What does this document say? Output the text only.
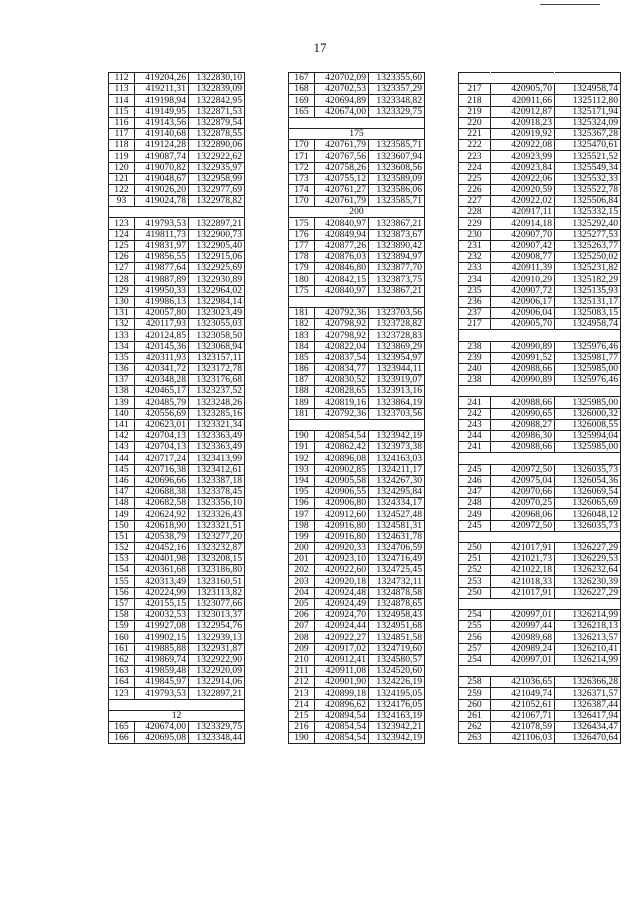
17
112	419204,26	1322830,10
113	419211,31	1322839,09
114	419198,94	1322842,95
115	419149,95	1322871,53
116	419143,56	1322879,54
117	419140,68	1322878,55
118	419124,28	1322890,06
119	419087,74	1322922,62
120	419070,82	1322935,97
121	419048,67	1322958,99
122	419026,20	1322977,69
93	419024,78	1322978,82

123	419793,53	1322897,21
124	419811,73	1322900,73
125	419831,97	1322905,40
126	419856,55	1322915,06
127	419877,64	1322925,69
128	419887,89	1322930,89
129	419950,33	1322964,02
130	419986,13	1322984,14
131	420057,80	1323023,49
132	420117,93	1323055,03
133	420124,85	1323058,50
134	420145,36	1323068,94
135	420311,93	1323157,11
136	420341,72	1323172,78
137	420348,28	1323176,68
138	420465,17	1323237,52
139	420485,79	1323248,26
140	420556,69	1323285,16
141	420623,01	1323321,34
142	420704,13	1323363,49
143	420704,13	1323363,49
144	420717,24	1323413,99
145	420716,38	1323412,61
146	420696,66	1323387,18
147	420688,38	1323378,45
148	420682,58	1323356,10
149	420624,92	1323326,43
150	420618,90	1323321,51
151	420538,79	1323277,20
152	420452,16	1323232,87
153	420401,98	1323208,15
154	420361,68	1323186,80
155	420313,49	1323160,51
156	420224,99	1323113,82
157	420155,15	1323077,66
158	420032,53	1323013,37
159	419927,08	1322954,76
160	419902,15	1322939,13
161	419885,88	1322931,87
162	419869,74	1322922,90
163	419859,48	1322920,09
164	419845,97	1322914,06
123	419793,53	1322897,21

12		
165	420674,00	1323329,75
166	420695,08	1323348,44
167	420702,09	1323355,60
168	420702,53	1323357,29
169	420694,89	1323348,82
165	420674,00	1323329,75

175		
170	420761,79	1323585,71
171	420767,56	1323607,94
172	420758,26	1323608,56
173	420755,12	1323589,09
174	420761,27	1323586,06
170	420761,79	1323585,71
200		
175	420840,97	1323867,21
176	420849,94	1323873,67
177	420877,26	1323890,42
178	420876,03	1323894,97
179	420846,80	1323877,70
180	420842,15	1323873,75
175	420840,97	1323867,21

181	420792,36	1323703,56
182	420798,92	1323728,82
183	420798,92	1323728,83
184	420822,04	1323869,29
185	420837,54	1323954,97
186	420834,77	1323944,11
187	420830,52	1323919,07
188	420828,65	1323913,16
189	420819,16	1323864,19
181	420792,36	1323703,56

190	420854,54	1323942,19
191	420862,42	1323973,38
192	420896,08	1324163,03
193	420902,85	1324211,17
194	420905,58	1324267,30
195	420906,55	1324295,84
196	420906,80	1324334,17
197	420912,60	1324527,48
198	420916,80	1324581,31
199	420916,80	1324631,78
200	420920,33	1324706,59
201	420923,10	1324716,49
202	420922,60	1324725,45
203	420920,18	1324732,11
204	420924,48	1324878,58
205	420924,49	1324878,65
206	420924,70	1324958,43
207	420924,44	1324951,68
208	420922,27	1324851,58
209	420917,02	1324719,60
210	420912,41	1324580,57
211	420911,08	1324520,60
212	420901,90	1324226,19
213	420899,18	1324195,05
214	420896,62	1324176,05
215	420894,54	1324163,19
216	420854,54	1323942,21
190	420854,54	1323942,19

217	420905,70	1324958,74
218	420911,66	1325112,80
219	420912,87	1325171,94
220	420918,23	1325324,09
221	420919,92	1325367,28
222	420922,08	1325470,61
223	420923,99	1325521,52
224	420923,84	1325549,34
225	420922,06	1325532,33
226	420920,59	1325522,78
227	420922,02	1325506,84
228	420917,11	1325332,15
229	420914,18	1325292,40
230	420907,70	1325277,53
231	420907,42	1325263,77
232	420908,77	1325250,02
233	420911,39	1325231,82
234	420910,29	1325182,29
235	420907,72	1325135,93
236	420906,17	1325131,17
237	420906,04	1325083,15
217	420905,70	1324958,74

238	420990,89	1325976,46
239	420991,52	1325981,77
240	420988,66	1325985,00
238	420990,89	1325976,46

241	420988,66	1325985,00
242	420990,65	1326000,32
243	420988,27	1326008,55
244	420986,30	1325994,04
241	420988,66	1325985,00

245	420972,50	1326035,73
246	420975,04	1326054,36
247	420970,66	1326069,54
248	420970,25	1326065,69
249	420968,06	1326048,12
245	420972,50	1326035,73

250	421017,91	1326227,29
251	421021,73	1326229,53
252	421022,18	1326232,64
253	421018,33	1326230,39
250	421017,91	1326227,29

254	420997,01	1326214,99
255	420997,44	1326218,13
256	420989,68	1326213,57
257	420989,24	1326210,41
254	420997,01	1326214,99

258	421036,65	1326366,28
259	421049,74	1326371,57
260	421052,61	1326387,44
261	421067,71	1326417,94
262	421078,59	1326434,47
263	421106,03	1326470,64
